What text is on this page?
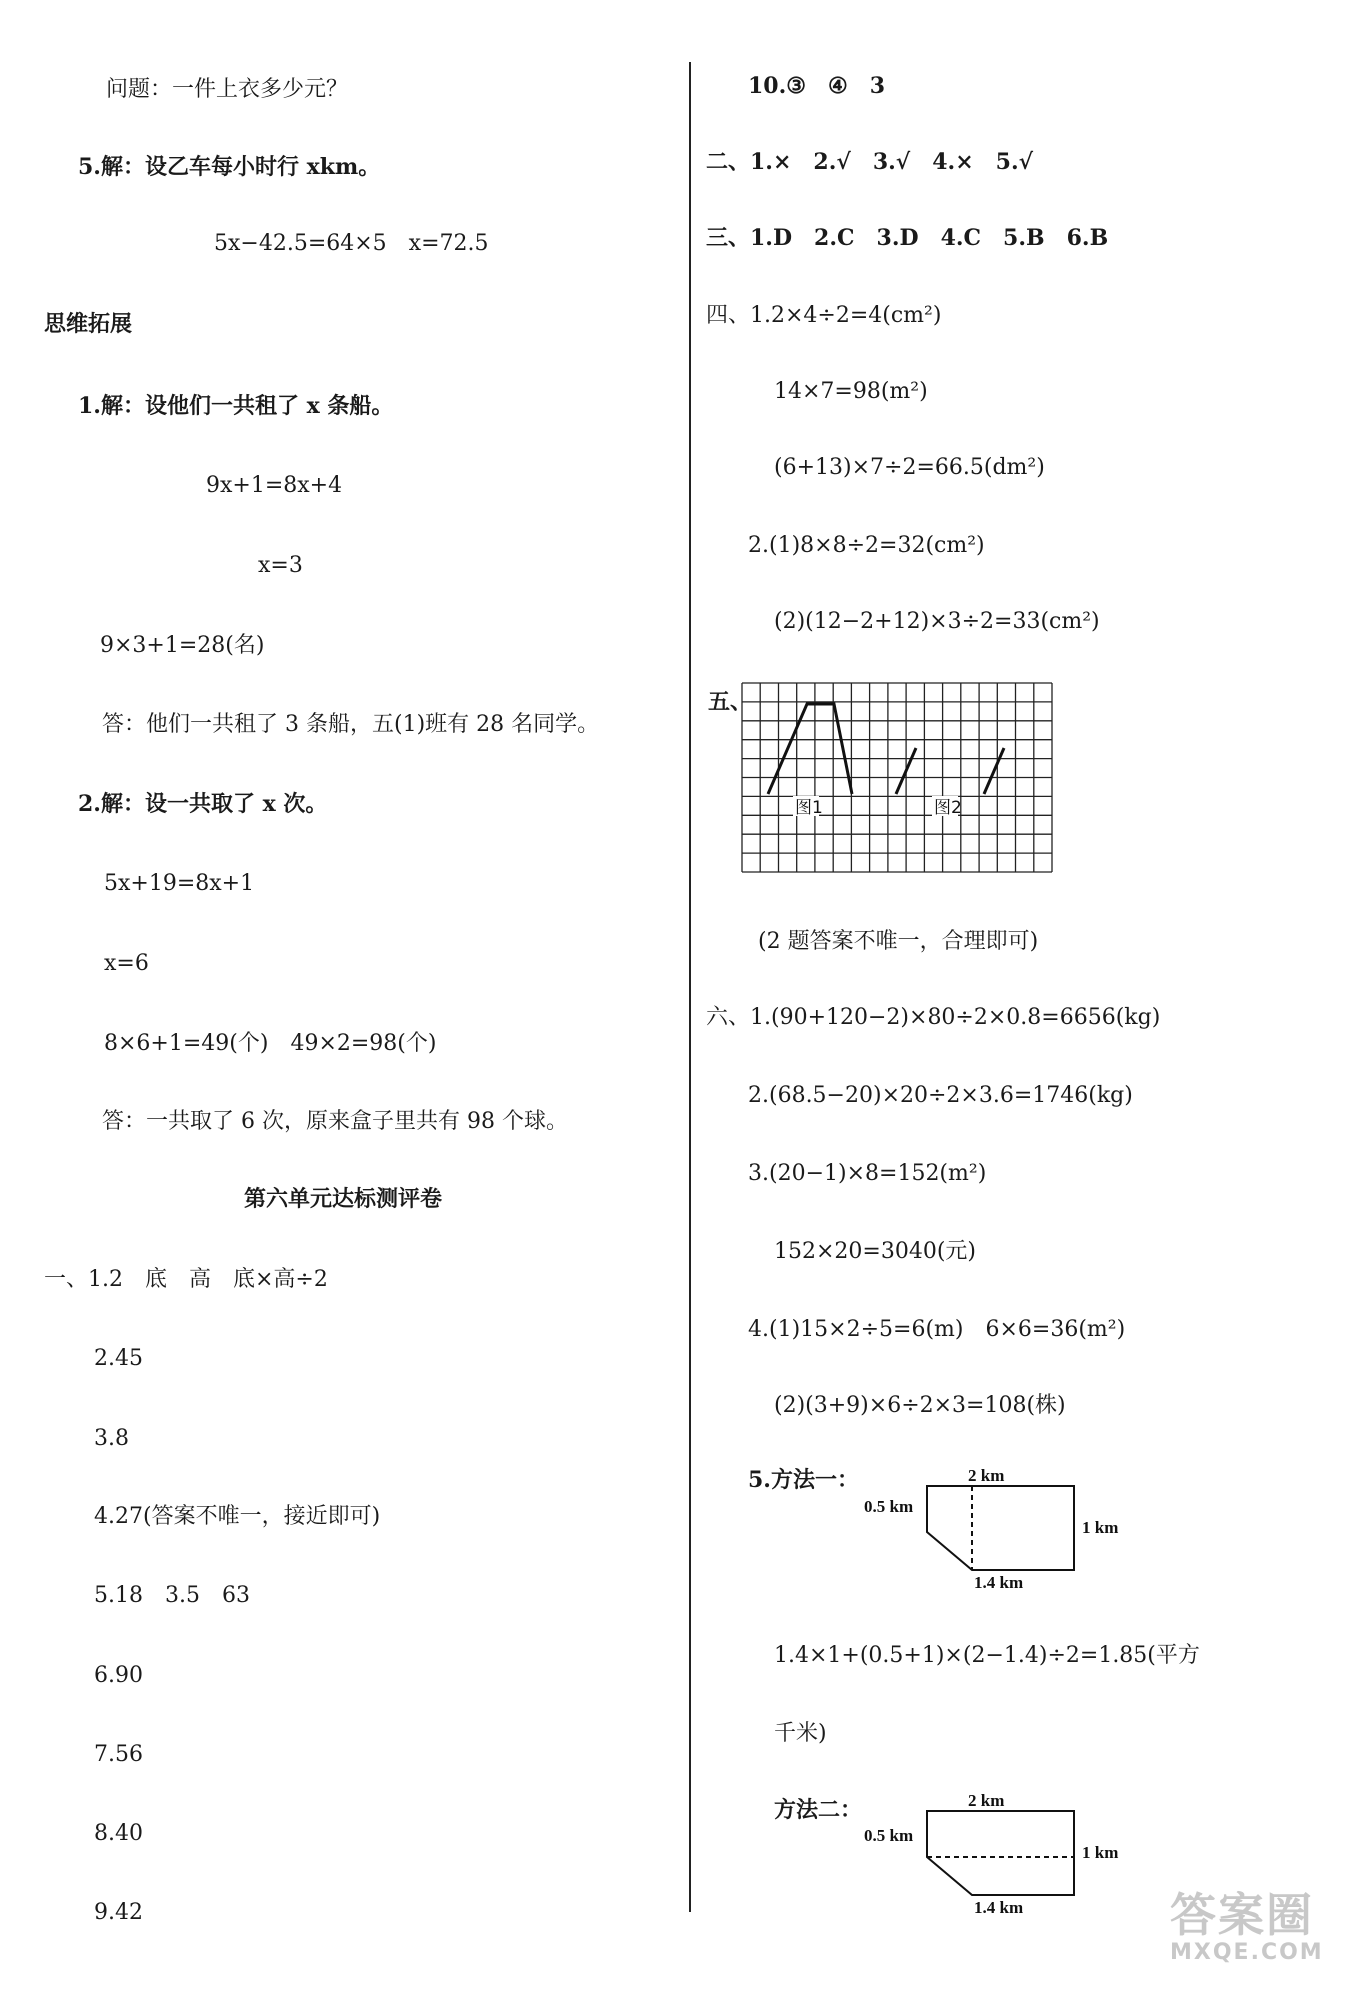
问题：一件上衣多少元？
5.解：设乙车每小时行 xkm。
5x−42.5=64×5　x=72.5
思维拓展
1.解：设他们一共租了 x 条船。
9x+1=8x+4
x=3
9×3+1=28(名)
答：他们一共租了 3 条船，五(1)班有 28 名同学。
2.解：设一共取了 x 次。
5x+19=8x+1
x=6
8×6+1=49(个)　49×2=98(个)
答：一共取了 6 次，原来盒子里共有 98 个球。
第六单元达标测评卷
一、1.2　底　高　底×高÷2
2.45
3.8
4.27(答案不唯一，接近即可)
5.18　3.5　63
6.90
7.56
8.40
9.42
10.③　④　3
二、1.×　2.√　3.√　4.×　5.√
三、1.D　2.C　3.D　4.C　5.B　6.B
四、1.2×4÷2=4(cm²)
14×7=98(m²)
(6+13)×7÷2=66.5(dm²)
2.(1)8×8÷2=32(cm²)
(2)(12−2+12)×3÷2=33(cm²)
五、
图1	图2
(2 题答案不唯一，合理即可)
六、1.(90+120−2)×80÷2×0.8=6656(kg)
2.(68.5−20)×20÷2×3.6=1746(kg)
3.(20−1)×8=152(m²)
152×20=3040(元)
4.(1)15×2÷5=6(m)　6×6=36(m²)
(2)(3+9)×6÷2×3=108(株)
5.方法一：	2 km
0.5 km
1 km
1.4 km
1.4×1+(0.5+1)×(2−1.4)÷2=1.85(平方
千米)
方法二：	2 km
0.5 km
1 km
1.4 km	答案圈
MXQE.COM
